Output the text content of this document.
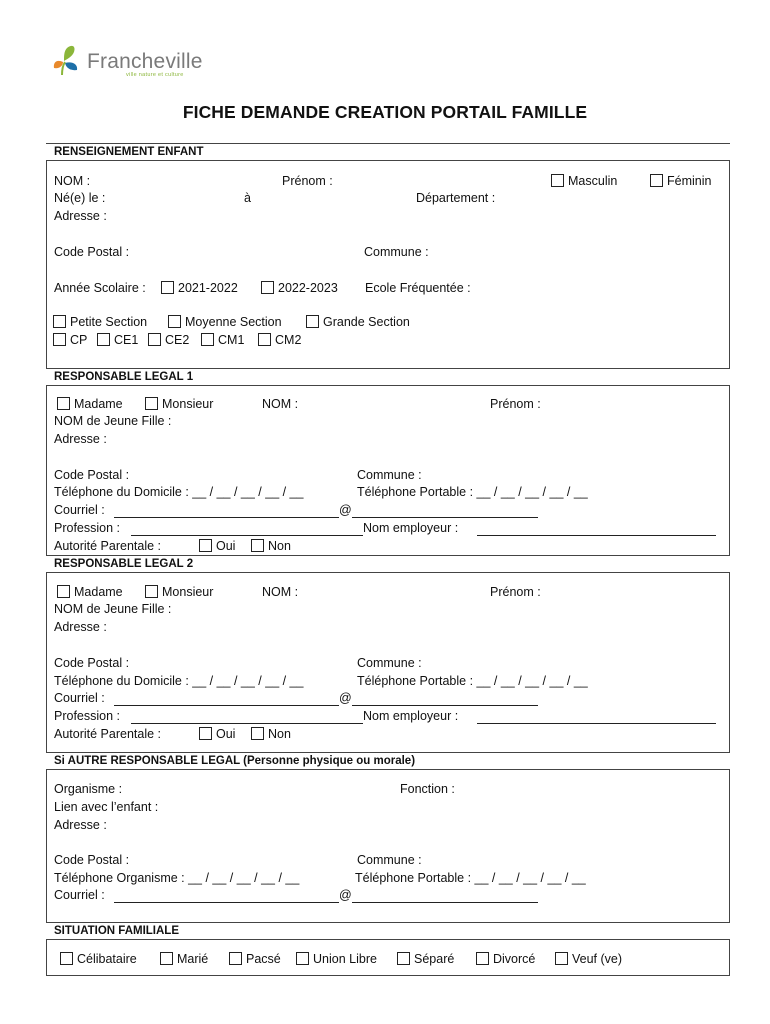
Francheville
ville nature et culture
FICHE DEMANDE CREATION PORTAIL FAMILLE
RENSEIGNEMENT ENFANT
NOM :	Prénom :	Masculin	Féminin
Né(e) le :	à	Département :
Adresse :
Code Postal :	Commune :
Année Scolaire :	2021-2022	2022-2023 Ecole Fréquentée :
Petite Section	Moyenne Section	Grande Section
CP	CE1	CE2	CM1	CM2
RESPONSABLE LEGAL 1
Madame	Monsieur	NOM :	Prénom :
NOM de Jeune Fille :
Adresse :
Code Postal :	Commune :
Téléphone du Domicile : __ / __ / __ / __ / __	Téléphone Portable : __ / __ / __ / __ / __
Courriel :	@
Profession :	Nom employeur :
Autorité Parentale :	Oui	Non
RESPONSABLE LEGAL 2
Madame	Monsieur	NOM :	Prénom :
NOM de Jeune Fille :
Adresse :
Code Postal :	Commune :
Téléphone du Domicile : __ / __ / __ / __ / __	Téléphone Portable : __ / __ / __ / __ / __
Courriel :	@
Profession :	Nom employeur :
Autorité Parentale :	Oui	Non
Si AUTRE RESPONSABLE LEGAL (Personne physique ou morale)
Organisme :	Fonction :
Lien avec l’enfant :
Adresse :
Code Postal :	Commune :
Téléphone Organisme : __ / __ / __ / __ / __	Téléphone Portable : __ / __ / __ / __ / __
Courriel :	@
SITUATION FAMILIALE
Célibataire	Marié	Pacsé	Union Libre	Séparé	Divorcé	Veuf (ve)
